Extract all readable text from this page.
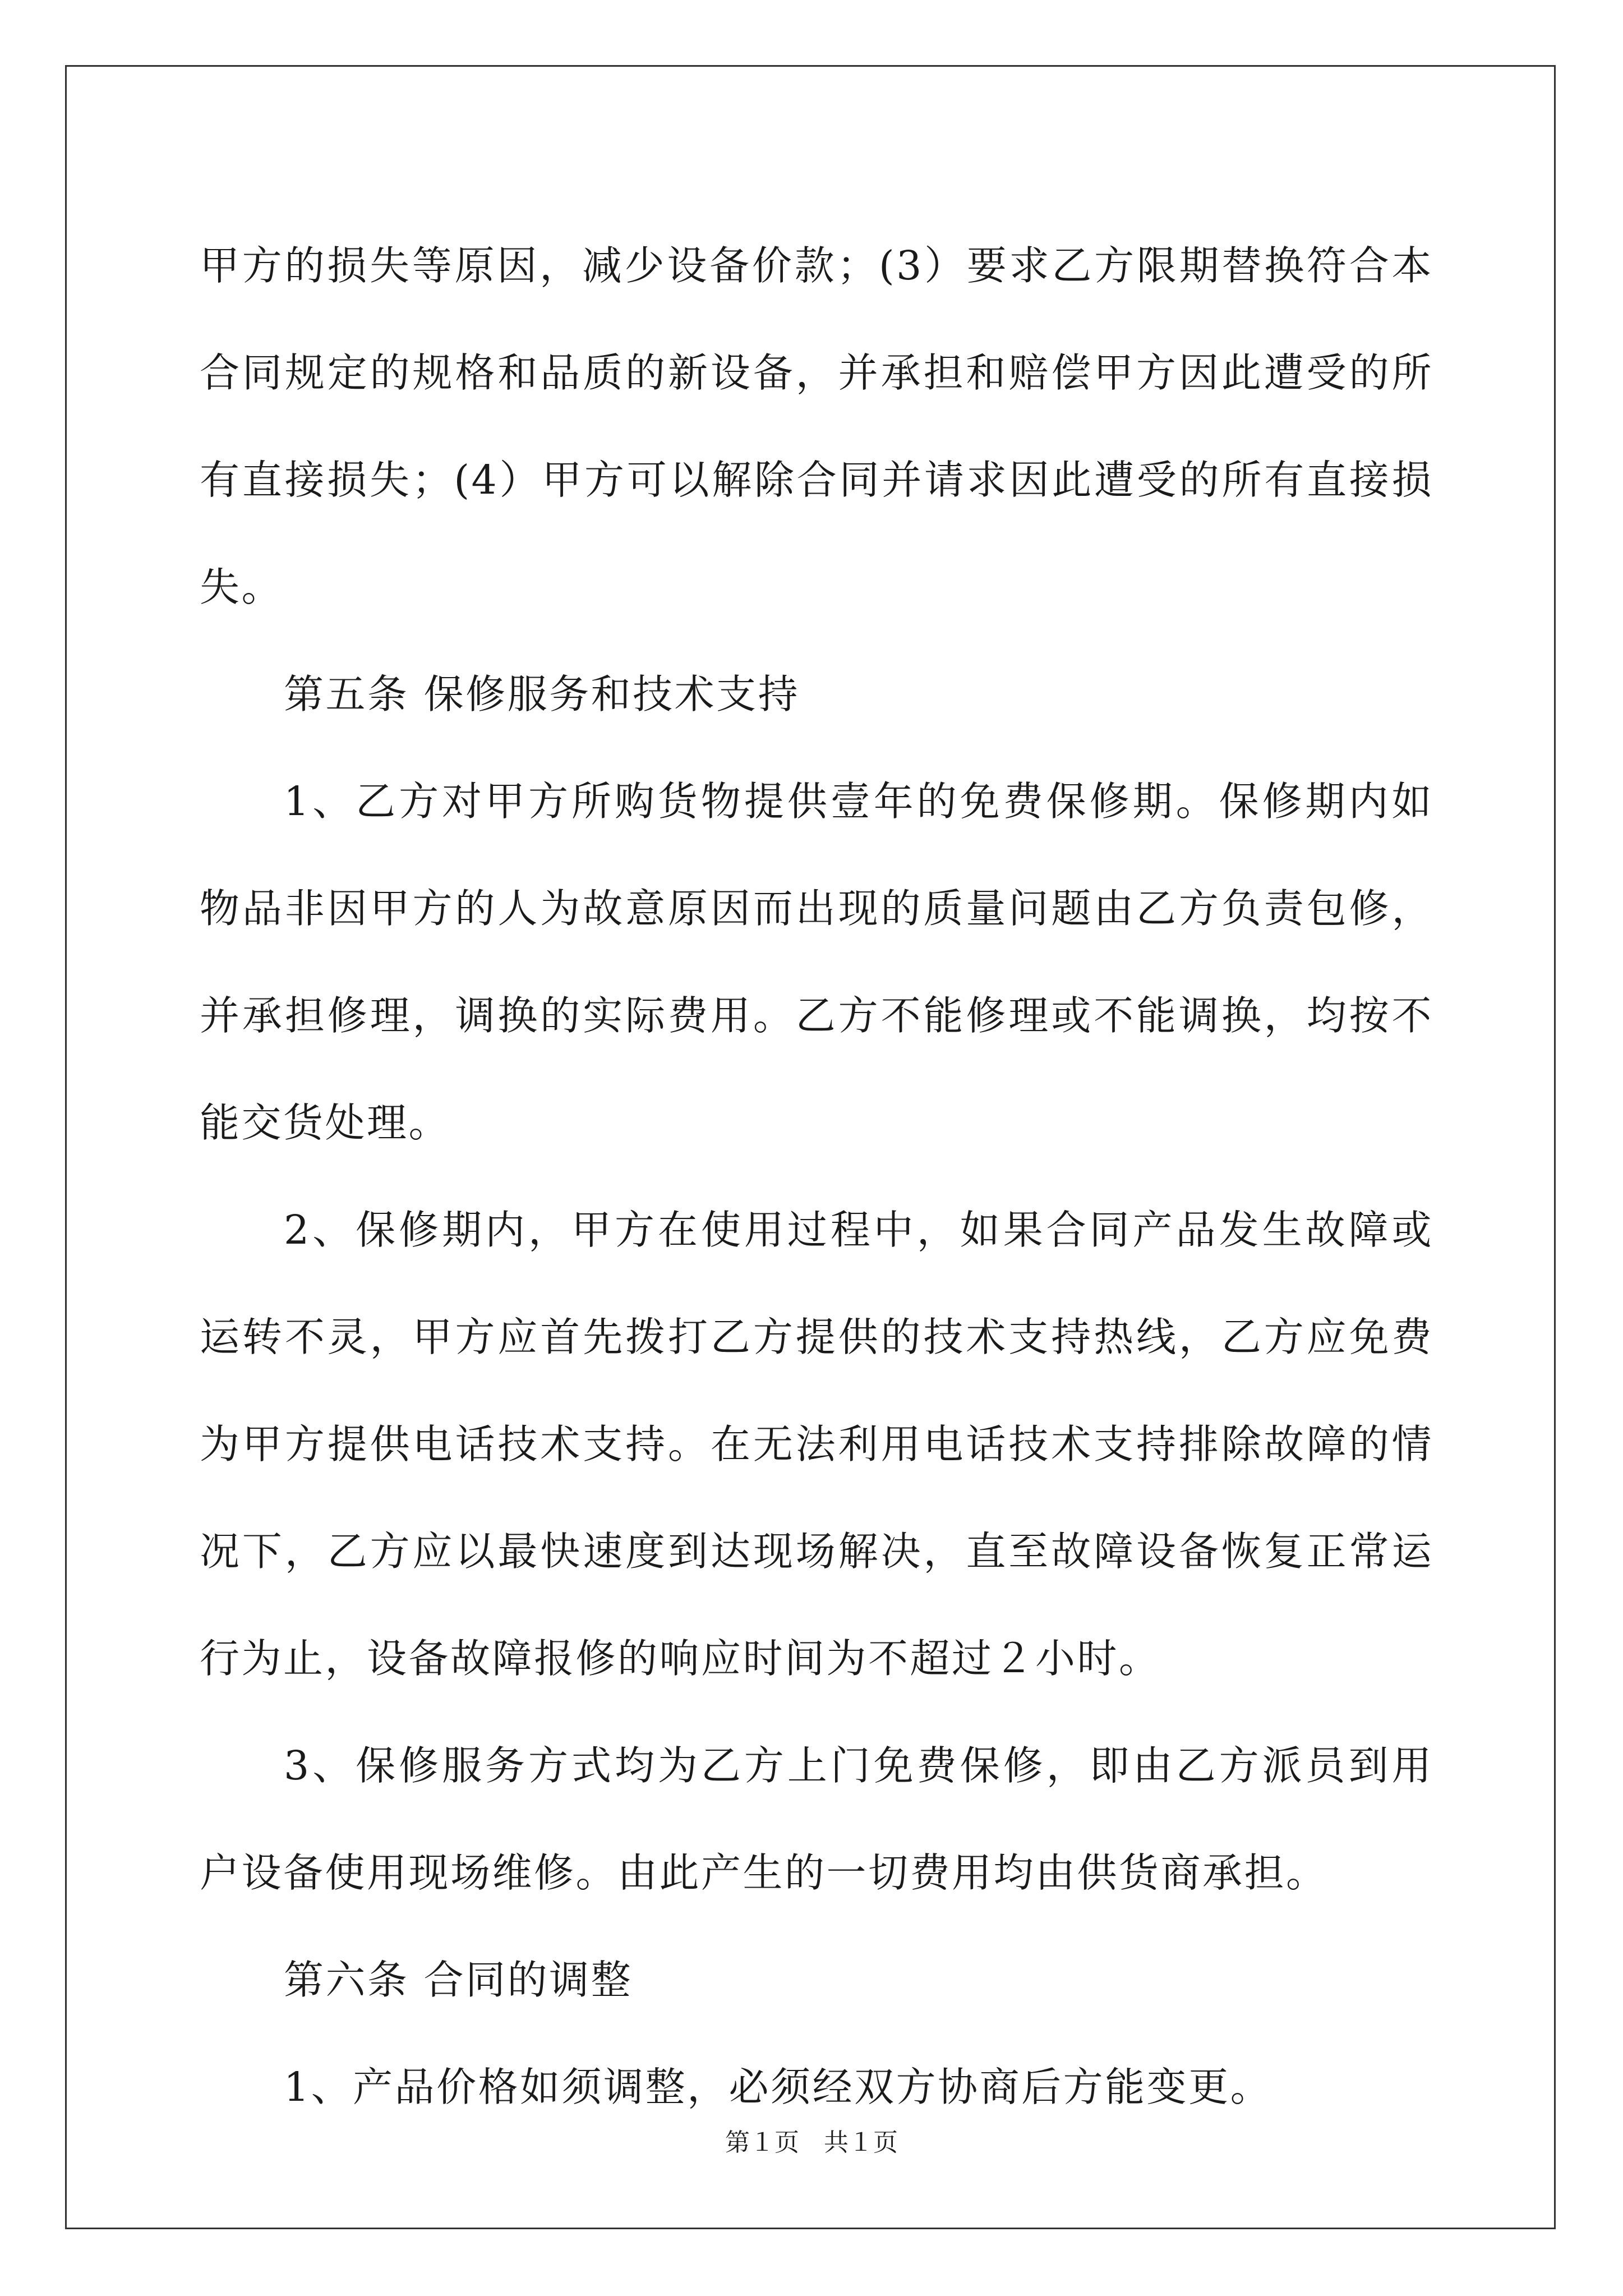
甲方的损失等原因，减少设备价款；(3）要求乙方限期替换符合本合同规定的规格和品质的新设备，并承担和赔偿甲方因此遭受的所有直接损失；(4）甲方可以解除合同并请求因此遭受的所有直接损失。

第五条 保修服务和技术支持

1、乙方对甲方所购货物提供壹年的免费保修期。保修期内如物品非因甲方的人为故意原因而出现的质量问题由乙方负责包修，并承担修理，调换的实际费用。乙方不能修理或不能调换，均按不能交货处理。

2、保修期内，甲方在使用过程中，如果合同产品发生故障或运转不灵，甲方应首先拨打乙方提供的技术支持热线，乙方应免费为甲方提供电话技术支持。在无法利用电话技术支持排除故障的情况下，乙方应以最快速度到达现场解决，直至故障设备恢复正常运行为止，设备故障报修的响应时间为不超过２小时。

3、保修服务方式均为乙方上门免费保修，即由乙方派员到用户设备使用现场维修。由此产生的一切费用均由供货商承担。

第六条 合同的调整

1、产品价格如须调整，必须经双方协商后方能变更。

第１页　共１页
